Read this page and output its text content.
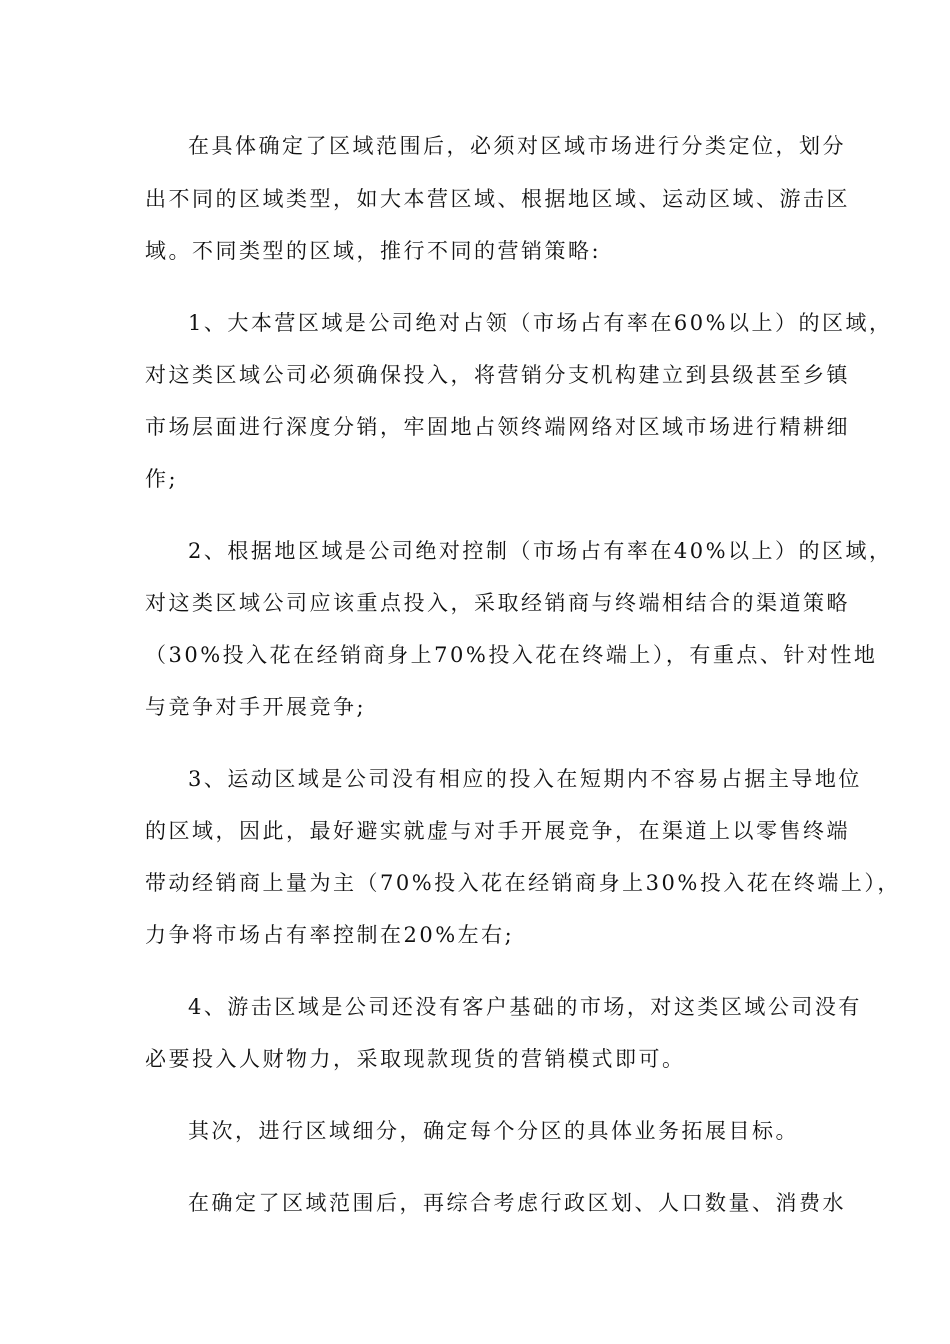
在具体确定了区域范围后，必须对区域市场进行分类定位，划分
出不同的区域类型，如大本营区域、根据地区域、运动区域、游击区
域。不同类型的区域，推行不同的营销策略:
1、大本营区域是公司绝对占领（市场占有率在60%以上）的区域，
对这类区域公司必须确保投入，将营销分支机构建立到县级甚至乡镇
市场层面进行深度分销，牢固地占领终端网络对区域市场进行精耕细
作;
2、根据地区域是公司绝对控制（市场占有率在40%以上）的区域，
对这类区域公司应该重点投入，采取经销商与终端相结合的渠道策略
（30%投入花在经销商身上70%投入花在终端上），有重点、针对性地
与竞争对手开展竞争;
3、运动区域是公司没有相应的投入在短期内不容易占据主导地位
的区域，因此，最好避实就虚与对手开展竞争，在渠道上以零售终端
带动经销商上量为主（70%投入花在经销商身上30%投入花在终端上），
力争将市场占有率控制在20%左右;
4、游击区域是公司还没有客户基础的市场，对这类区域公司没有
必要投入人财物力，采取现款现货的营销模式即可。
其次，进行区域细分，确定每个分区的具体业务拓展目标。
在确定了区域范围后，再综合考虑行政区划、人口数量、消费水
